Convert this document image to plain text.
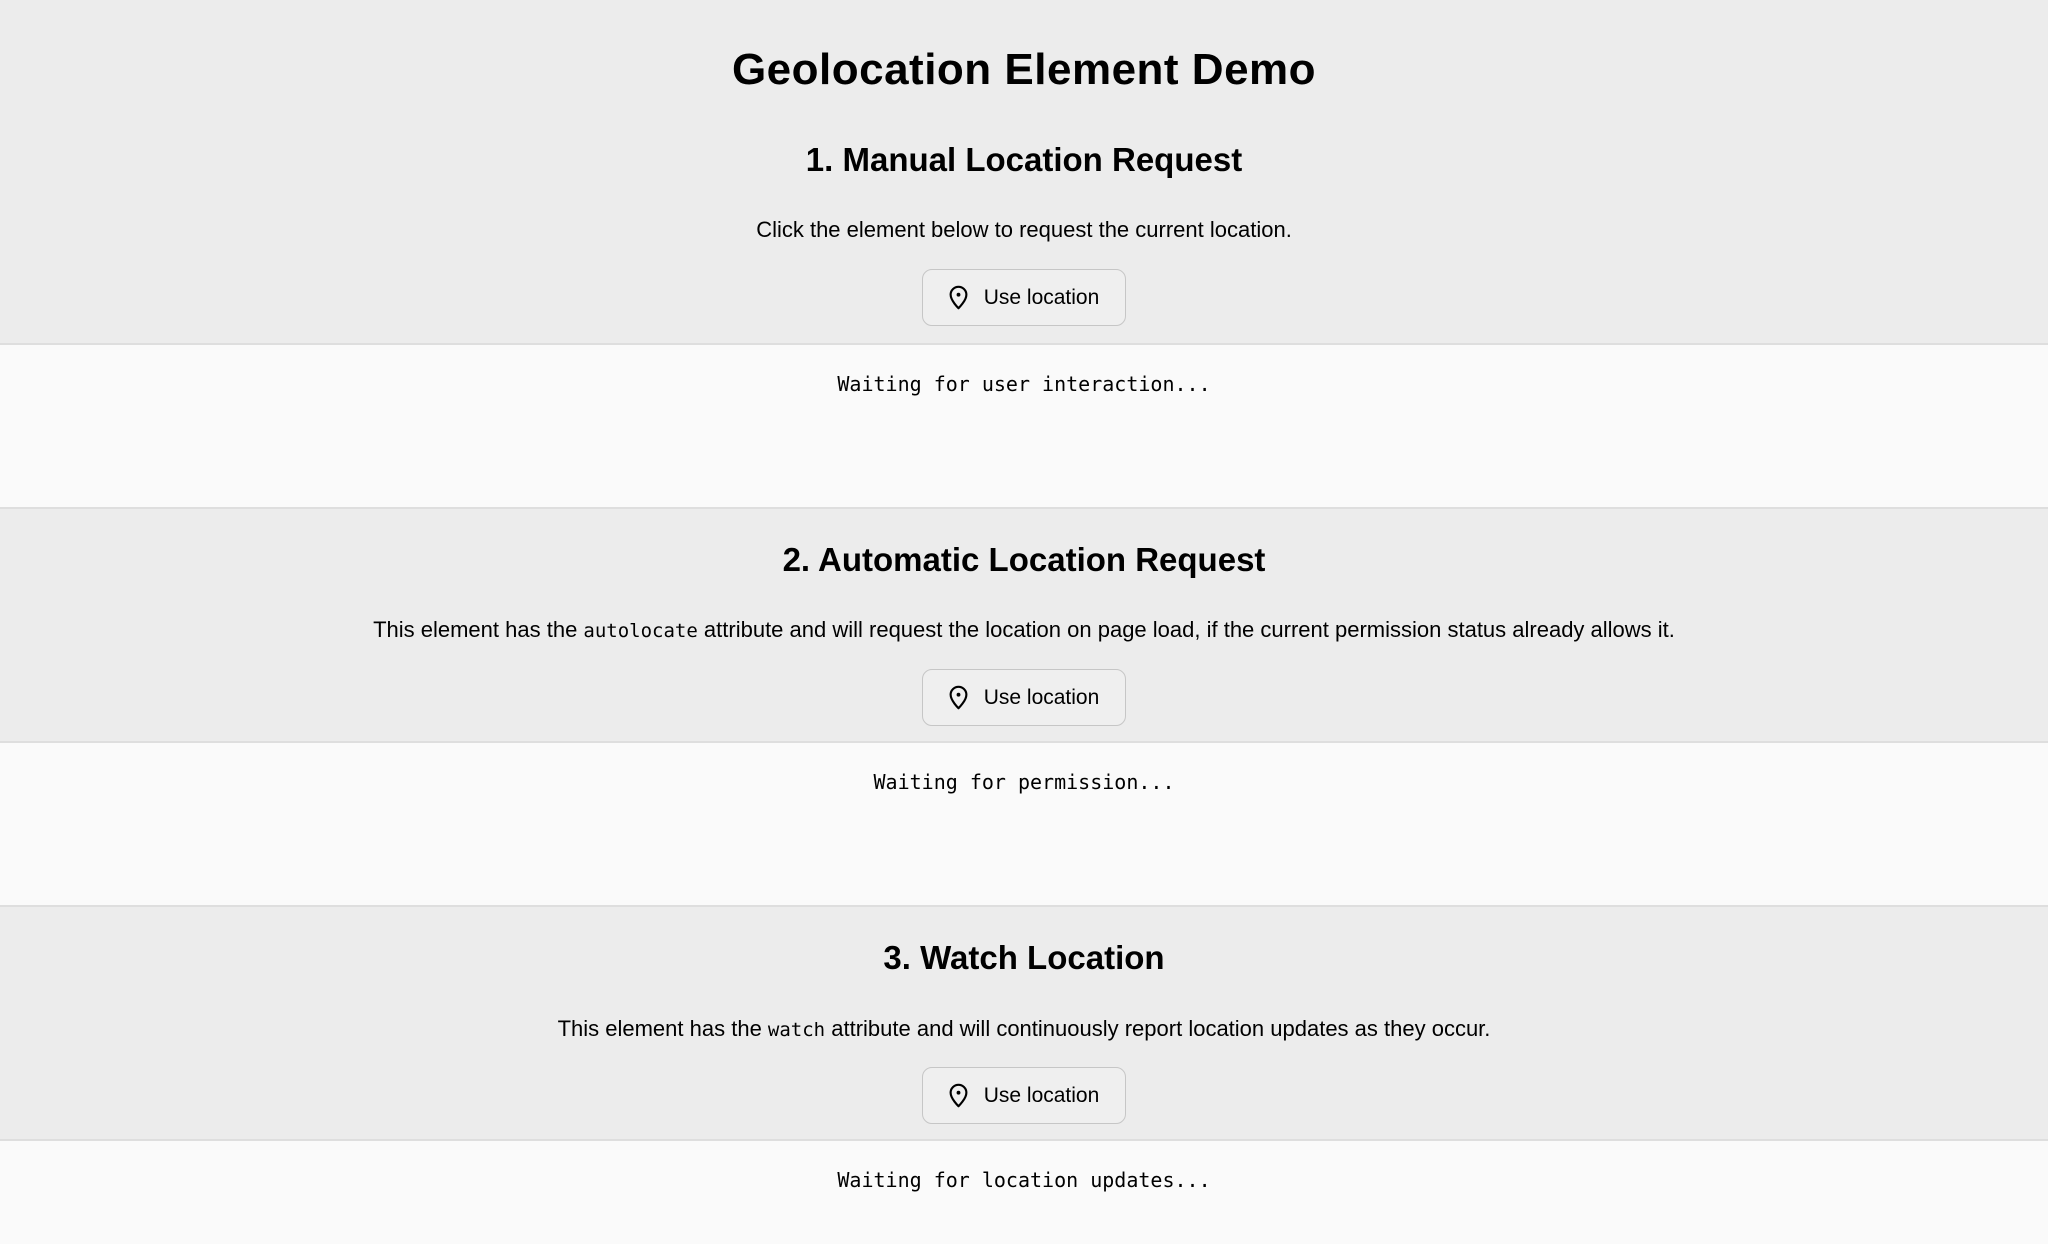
Geolocation Element Demo
1. Manual Location Request

Click the element below to request the current location.

Use location
Waiting for user interaction...
2. Automatic Location Request

This element has the autolocate attribute and will request the location on page load, if the current permission status already allows it.

Use location
Waiting for permission...
3. Watch Location

This element has the watch attribute and will continuously report location updates as they occur.

Use location
Waiting for location updates...
